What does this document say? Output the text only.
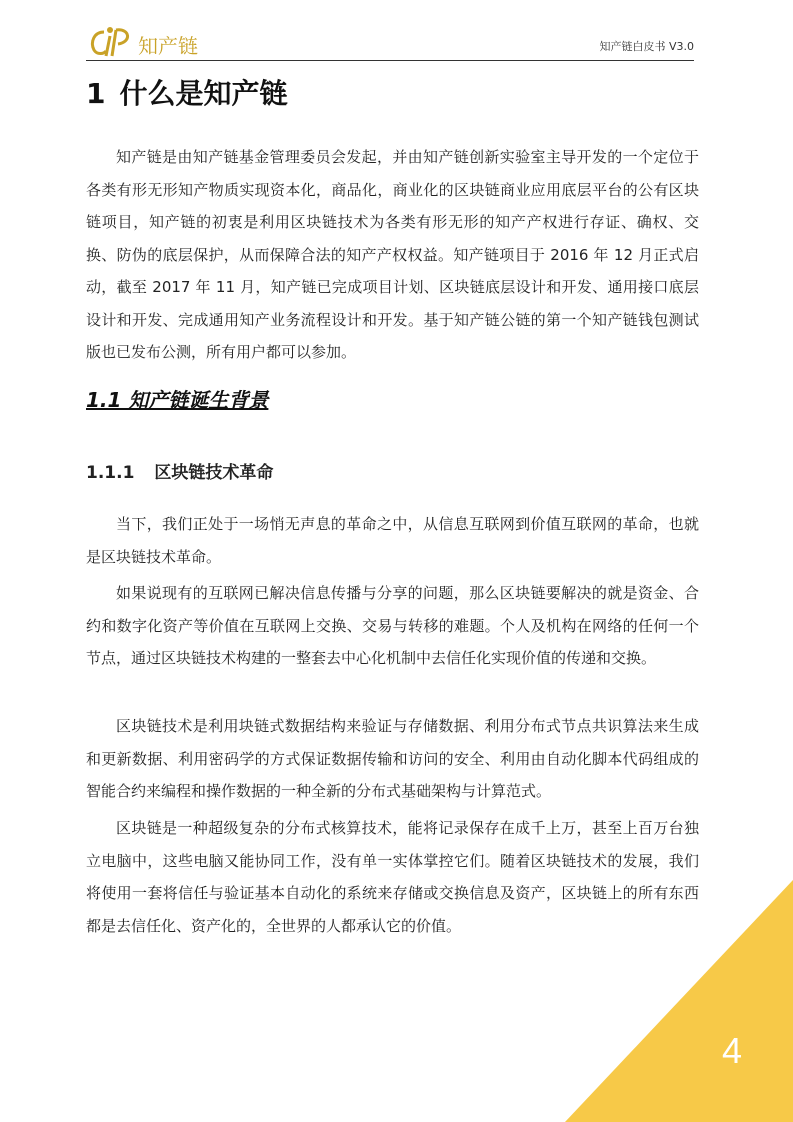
知产链	知产链白皮书 V3.0
1 什么是知产链

知产链是由知产链基金管理委员会发起，并由知产链创新实验室主导开发的一个定位于各类有形无形知产物质实现资本化，商品化，商业化的区块链商业应用底层平台的公有区块链项目，知产链的初衷是利用区块链技术为各类有形无形的知产产权进行存证、确权、交换、防伪的底层保护，从而保障合法的知产产权权益。知产链项目于 2016 年 12 月正式启动，截至 2017 年 11 月，知产链已完成项目计划、区块链底层设计和开发、通用接口底层设计和开发、完成通用知产业务流程设计和开发。基于知产链公链的第一个知产链钱包测试版也已发布公测，所有用户都可以参加。

1.1 知产链诞生背景
1.1.1 区块链技术革命

当下，我们正处于一场悄无声息的革命之中，从信息互联网到价值互联网的革命，也就是区块链技术革命。

如果说现有的互联网已解决信息传播与分享的问题，那么区块链要解决的就是资金、合约和数字化资产等价值在互联网上交换、交易与转移的难题。个人及机构在网络的任何一个节点，通过区块链技术构建的一整套去中心化机制中去信任化实现价值的传递和交换。

区块链技术是利用块链式数据结构来验证与存储数据、利用分布式节点共识算法来生成和更新数据、利用密码学的方式保证数据传输和访问的安全、利用由自动化脚本代码组成的智能合约来编程和操作数据的一种全新的分布式基础架构与计算范式。

区块链是一种超级复杂的分布式核算技术，能将记录保存在成千上万，甚至上百万台独立电脑中，这些电脑又能协同工作，没有单一实体掌控它们。随着区块链技术的发展，我们将使用一套将信任与验证基本自动化的系统来存储或交换信息及资产，区块链上的所有东西都是去信任化、资产化的，全世界的人都承认它的价值。

4
